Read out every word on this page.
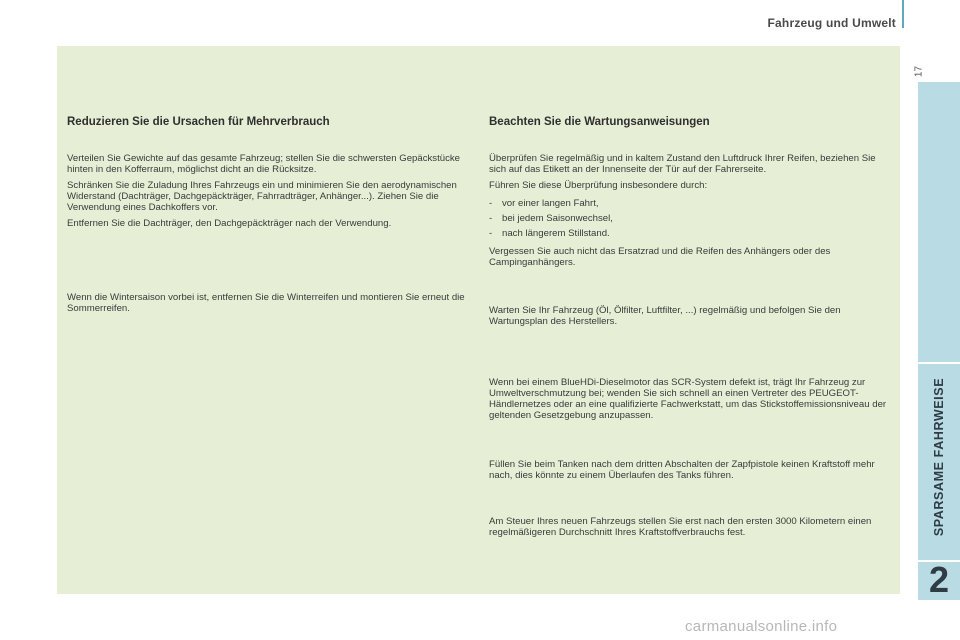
Fahrzeug und Umwelt
17
SPARSAME FAHRWEISE
2
Reduzieren Sie die Ursachen für Mehrverbrauch

Verteilen Sie Gewichte auf das gesamte Fahrzeug; stellen Sie die schwersten Gepäckstücke hinten in den Kofferraum, möglichst dicht an die Rücksitze.

Schränken Sie die Zuladung Ihres Fahrzeugs ein und minimieren Sie den aerodynamischen Widerstand (Dachträger, Dachgepäckträger, Fahrradträger, Anhänger...). Ziehen Sie die Verwendung eines Dachkoffers vor.

Entfernen Sie die Dachträger, den Dachgepäckträger nach der Verwendung.

Wenn die Wintersaison vorbei ist, entfernen Sie die Winterreifen und montieren Sie erneut die Sommerreifen.

Beachten Sie die Wartungsanweisungen

Überprüfen Sie regelmäßig und in kaltem Zustand den Luftdruck Ihrer Reifen, beziehen Sie sich auf das Etikett an der Innenseite der Tür auf der Fahrerseite.

Führen Sie diese Überprüfung insbesondere durch:

- vor einer langen Fahrt,
- bei jedem Saisonwechsel,
- nach längerem Stillstand.

Vergessen Sie auch nicht das Ersatzrad und die Reifen des Anhängers oder des Campinganhängers.

Warten Sie Ihr Fahrzeug (Öl, Ölfilter, Luftfilter, ...) regelmäßig und befolgen Sie den Wartungsplan des Herstellers.

Wenn bei einem BlueHDi-Dieselmotor das SCR-System defekt ist, trägt Ihr Fahrzeug zur Umweltverschmutzung bei; wenden Sie sich schnell an einen Vertreter des PEUGEOT-Händlernetzes oder an eine qualifizierte Fachwerkstatt, um das Stickstoffemissionsniveau der geltenden Gesetzgebung anzupassen.

Füllen Sie beim Tanken nach dem dritten Abschalten der Zapfpistole keinen Kraftstoff mehr nach, dies könnte zu einem Überlaufen des Tanks führen.

Am Steuer Ihres neuen Fahrzeugs stellen Sie erst nach den ersten 3000 Kilometern einen regelmäßigeren Durchschnitt Ihres Kraftstoffverbrauchs fest.

carmanualsonline.info
